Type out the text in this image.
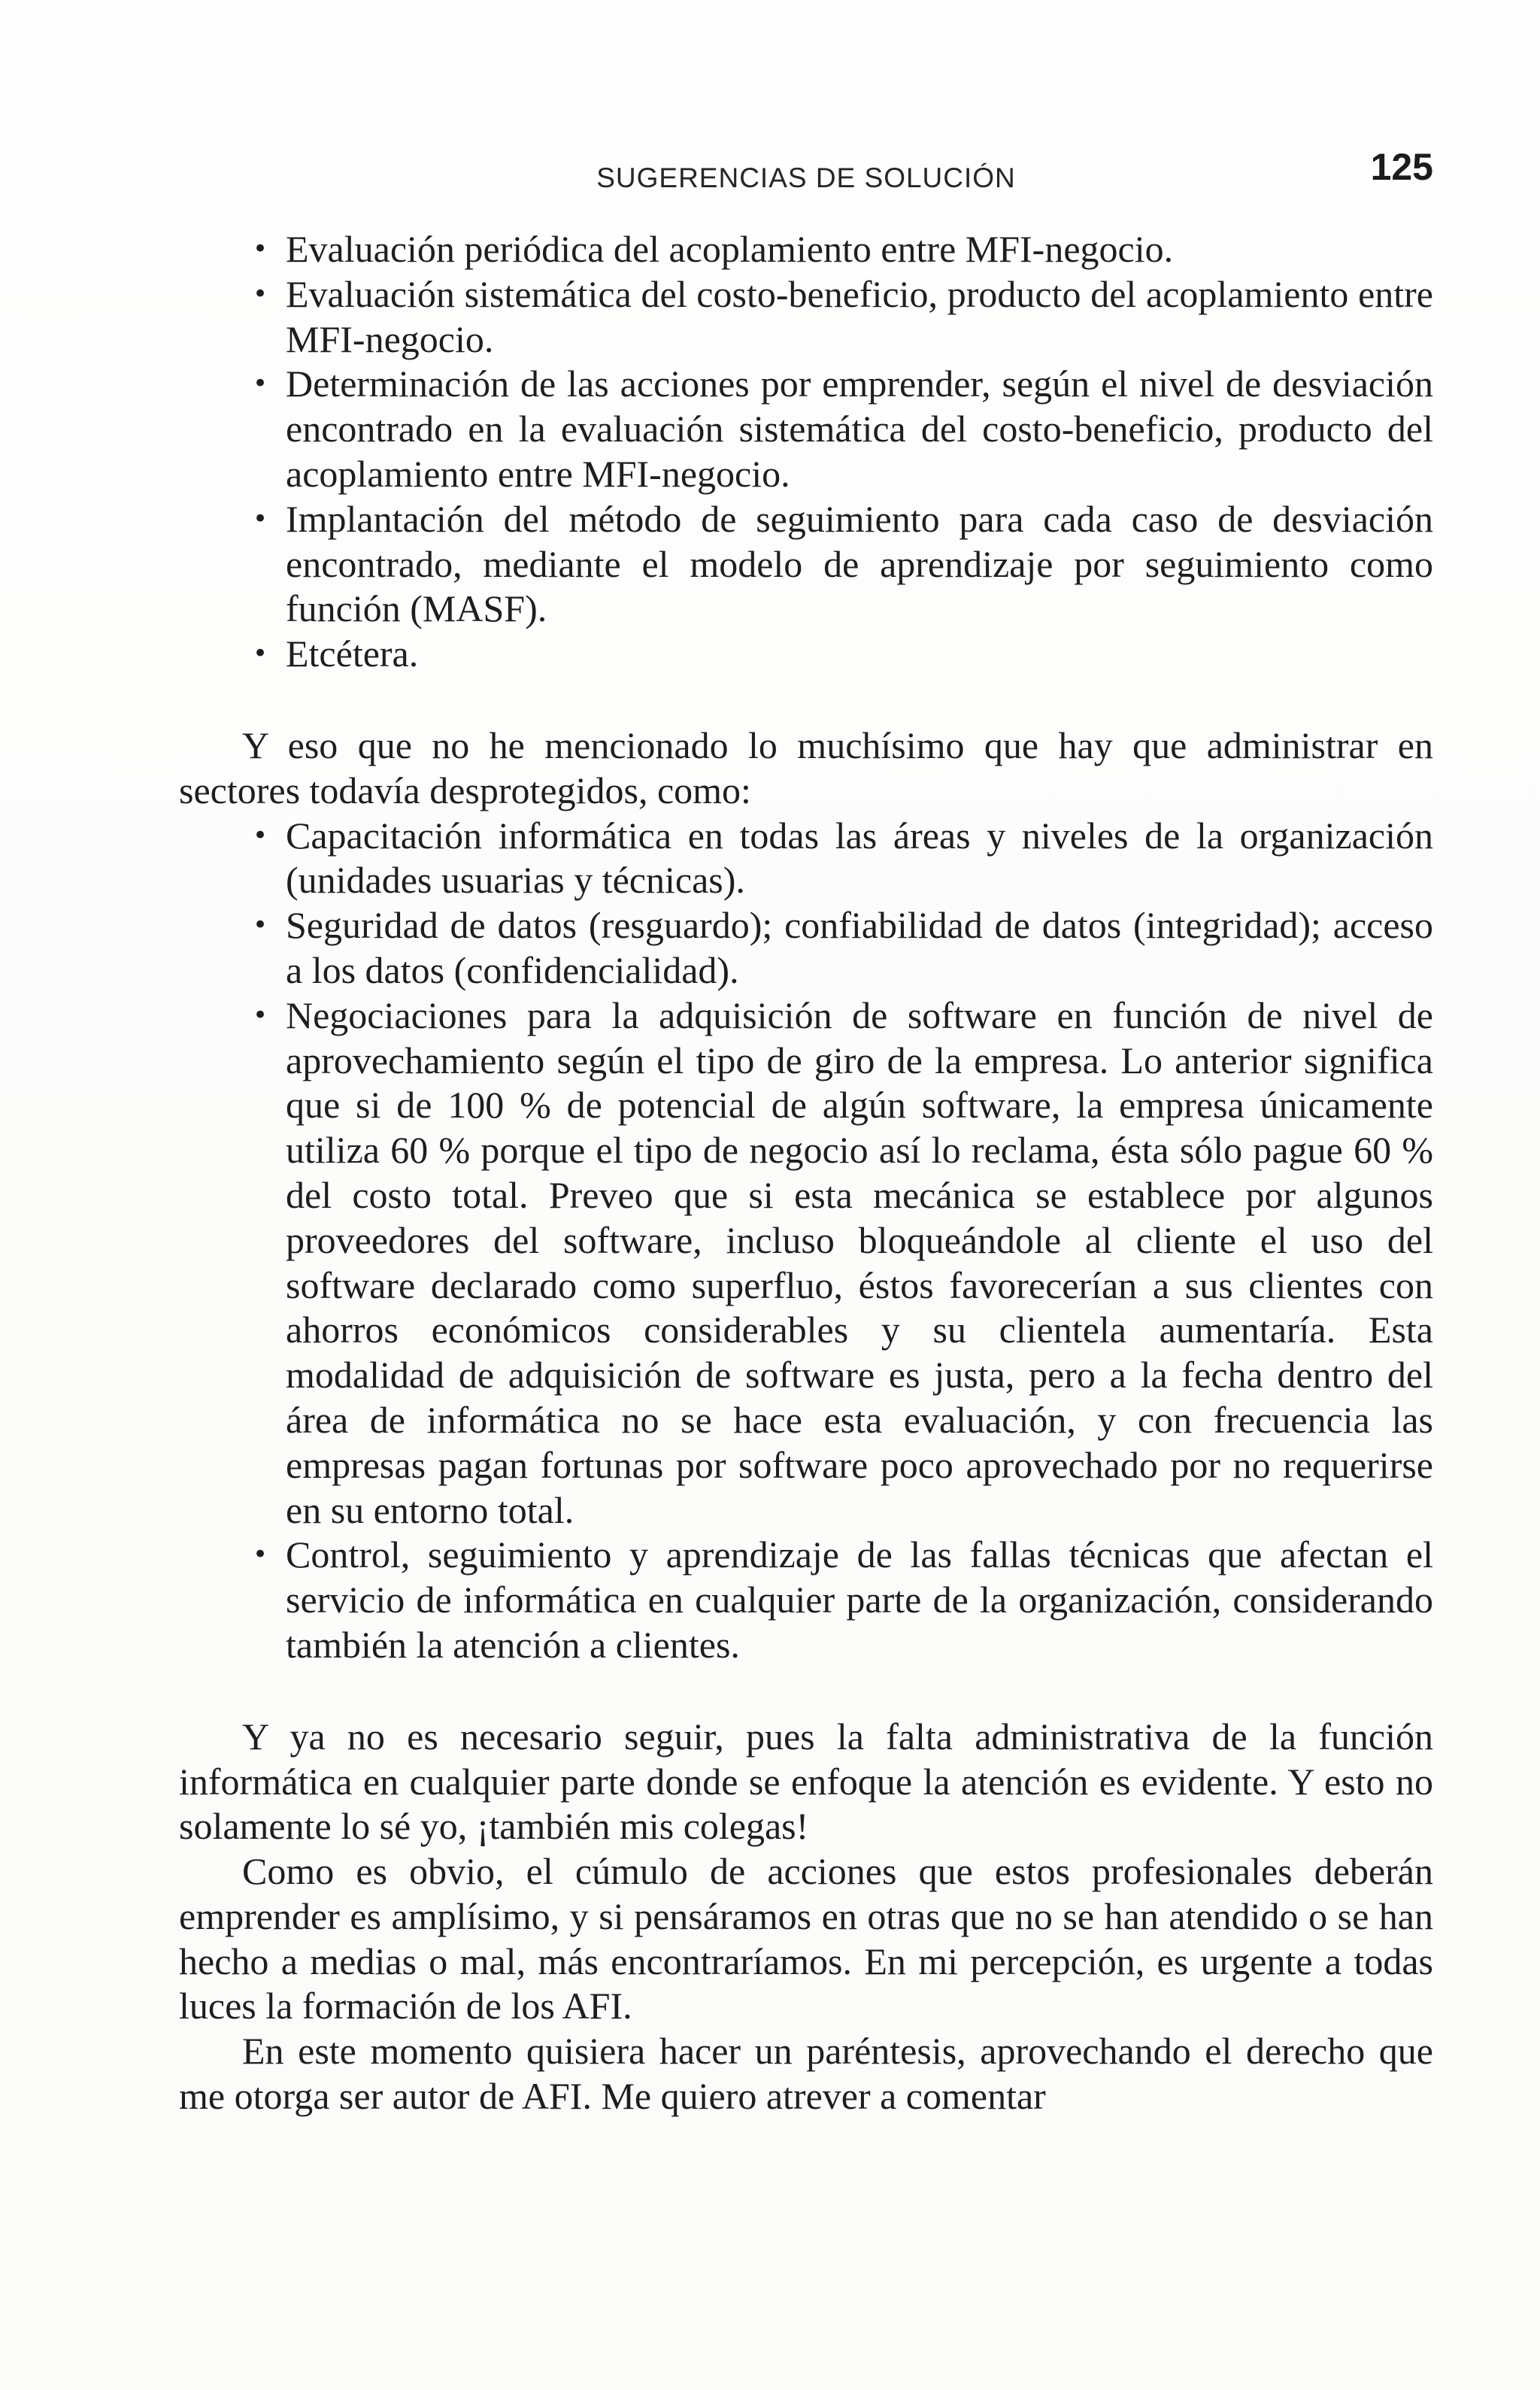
SUGERENCIAS DE SOLUCIÓN	125
• Evaluación periódica del acoplamiento entre MFI-negocio.
• Evaluación sistemática del costo-beneficio, producto del acoplamiento entre MFI-negocio.
• Determinación de las acciones por emprender, según el nivel de desviación encontrado en la evaluación sistemática del costo-beneficio, producto del acoplamiento entre MFI-negocio.
• Implantación del método de seguimiento para cada caso de desviación encontrado, mediante el modelo de aprendizaje por seguimiento como función (MASF).
• Etcétera.

Y eso que no he mencionado lo muchísimo que hay que administrar en sectores todavía desprotegidos, como:

• Capacitación informática en todas las áreas y niveles de la organización (unidades usuarias y técnicas).
• Seguridad de datos (resguardo); confiabilidad de datos (integridad); acceso a los datos (confidencialidad).
• Negociaciones para la adquisición de software en función de nivel de aprovechamiento según el tipo de giro de la empresa. Lo anterior significa que si de 100 % de potencial de algún software, la empresa únicamente utiliza 60 % porque el tipo de negocio así lo reclama, ésta sólo pague 60 % del costo total. Preveo que si esta mecánica se establece por algunos proveedores del software, incluso bloqueándole al cliente el uso del software declarado como superfluo, éstos favorecerían a sus clientes con ahorros económicos considerables y su clientela aumentaría. Esta modalidad de adquisición de software es justa, pero a la fecha dentro del área de informática no se hace esta evaluación, y con frecuencia las empresas pagan fortunas por software poco aprovechado por no requerirse en su entorno total.
• Control, seguimiento y aprendizaje de las fallas técnicas que afectan el servicio de informática en cualquier parte de la organización, considerando también la atención a clientes.

Y ya no es necesario seguir, pues la falta administrativa de la función informática en cualquier parte donde se enfoque la atención es evidente. Y esto no solamente lo sé yo, ¡también mis colegas!

Como es obvio, el cúmulo de acciones que estos profesionales deberán emprender es amplísimo, y si pensáramos en otras que no se han atendido o se han hecho a medias o mal, más encontraríamos. En mi percepción, es urgente a todas luces la formación de los AFI.

En este momento quisiera hacer un paréntesis, aprovechando el derecho que me otorga ser autor de AFI. Me quiero atrever a comentar
